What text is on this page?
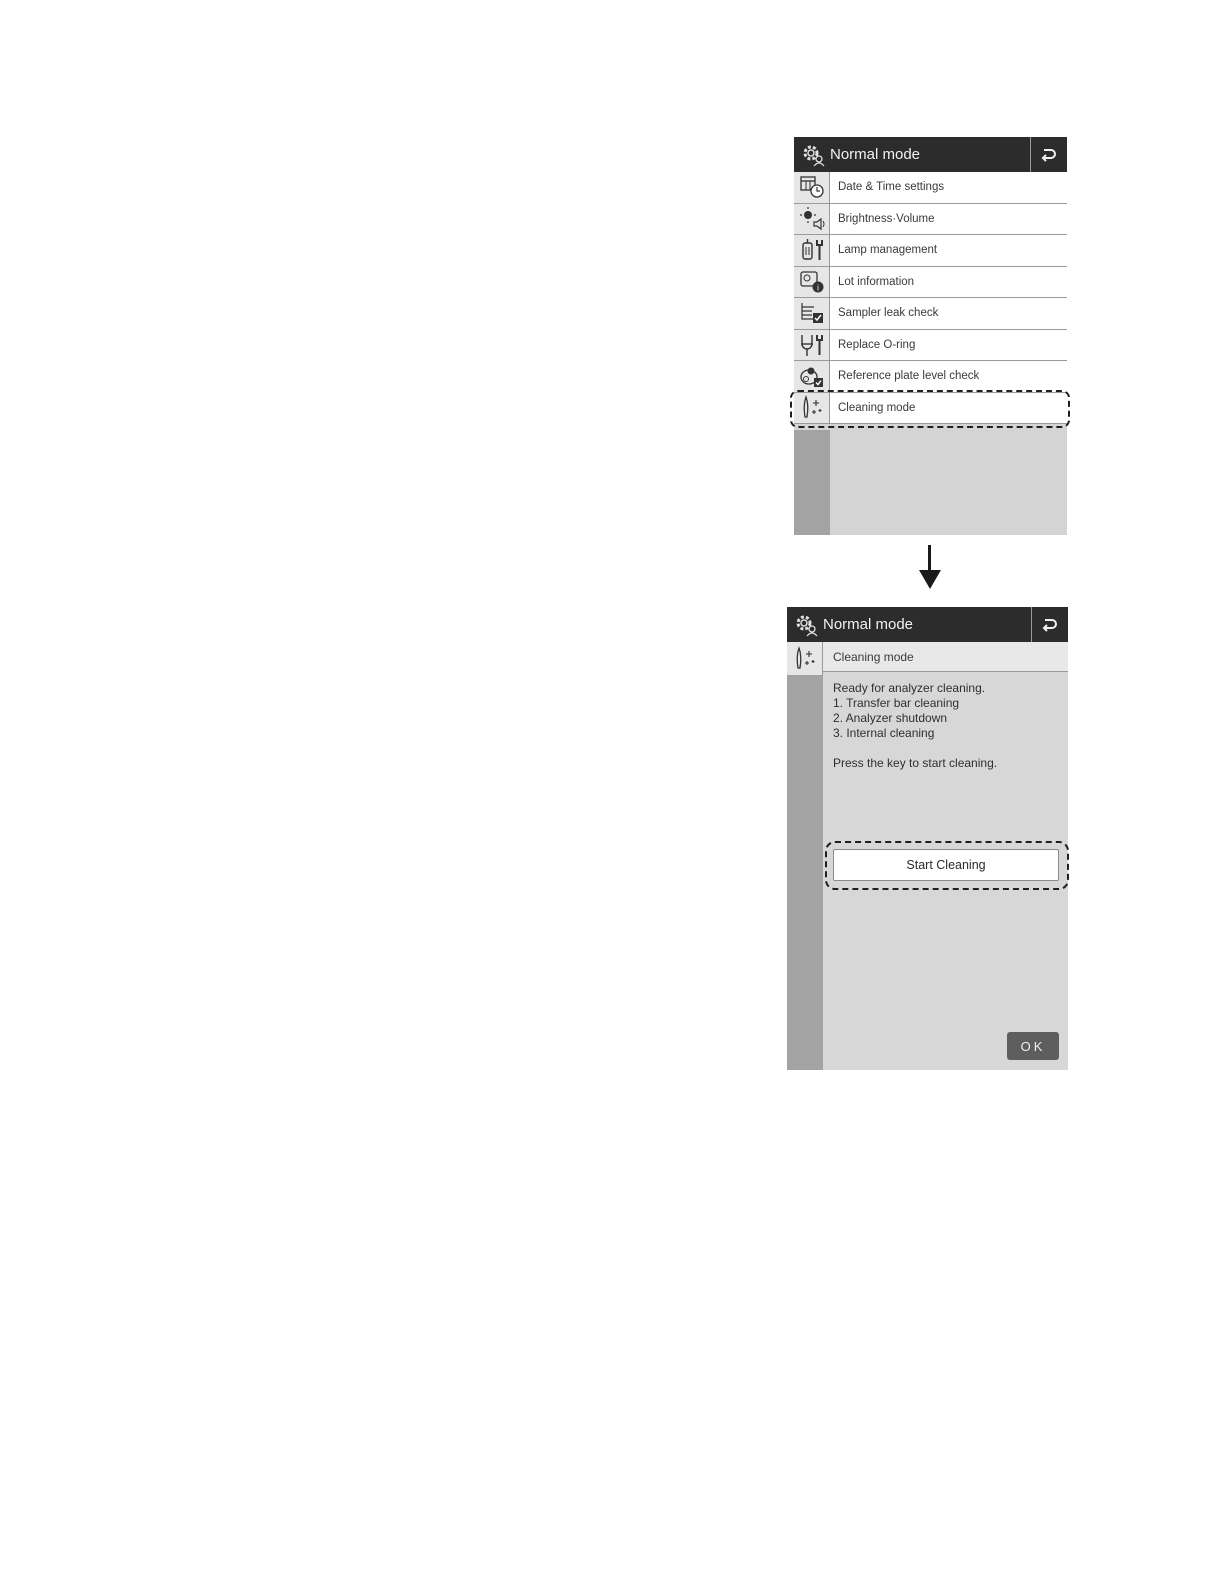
Normal mode
Date & Time settings
Brightness·Volume
Lamp management
i
Lot information
Sampler leak check
Replace O-ring
Reference plate level check
Cleaning mode
Normal mode
Cleaning mode
Ready for analyzer cleaning.
1. Transfer bar cleaning
2. Analyzer shutdown
3. Internal cleaning
Press the key to start cleaning.
Start Cleaning
OK
